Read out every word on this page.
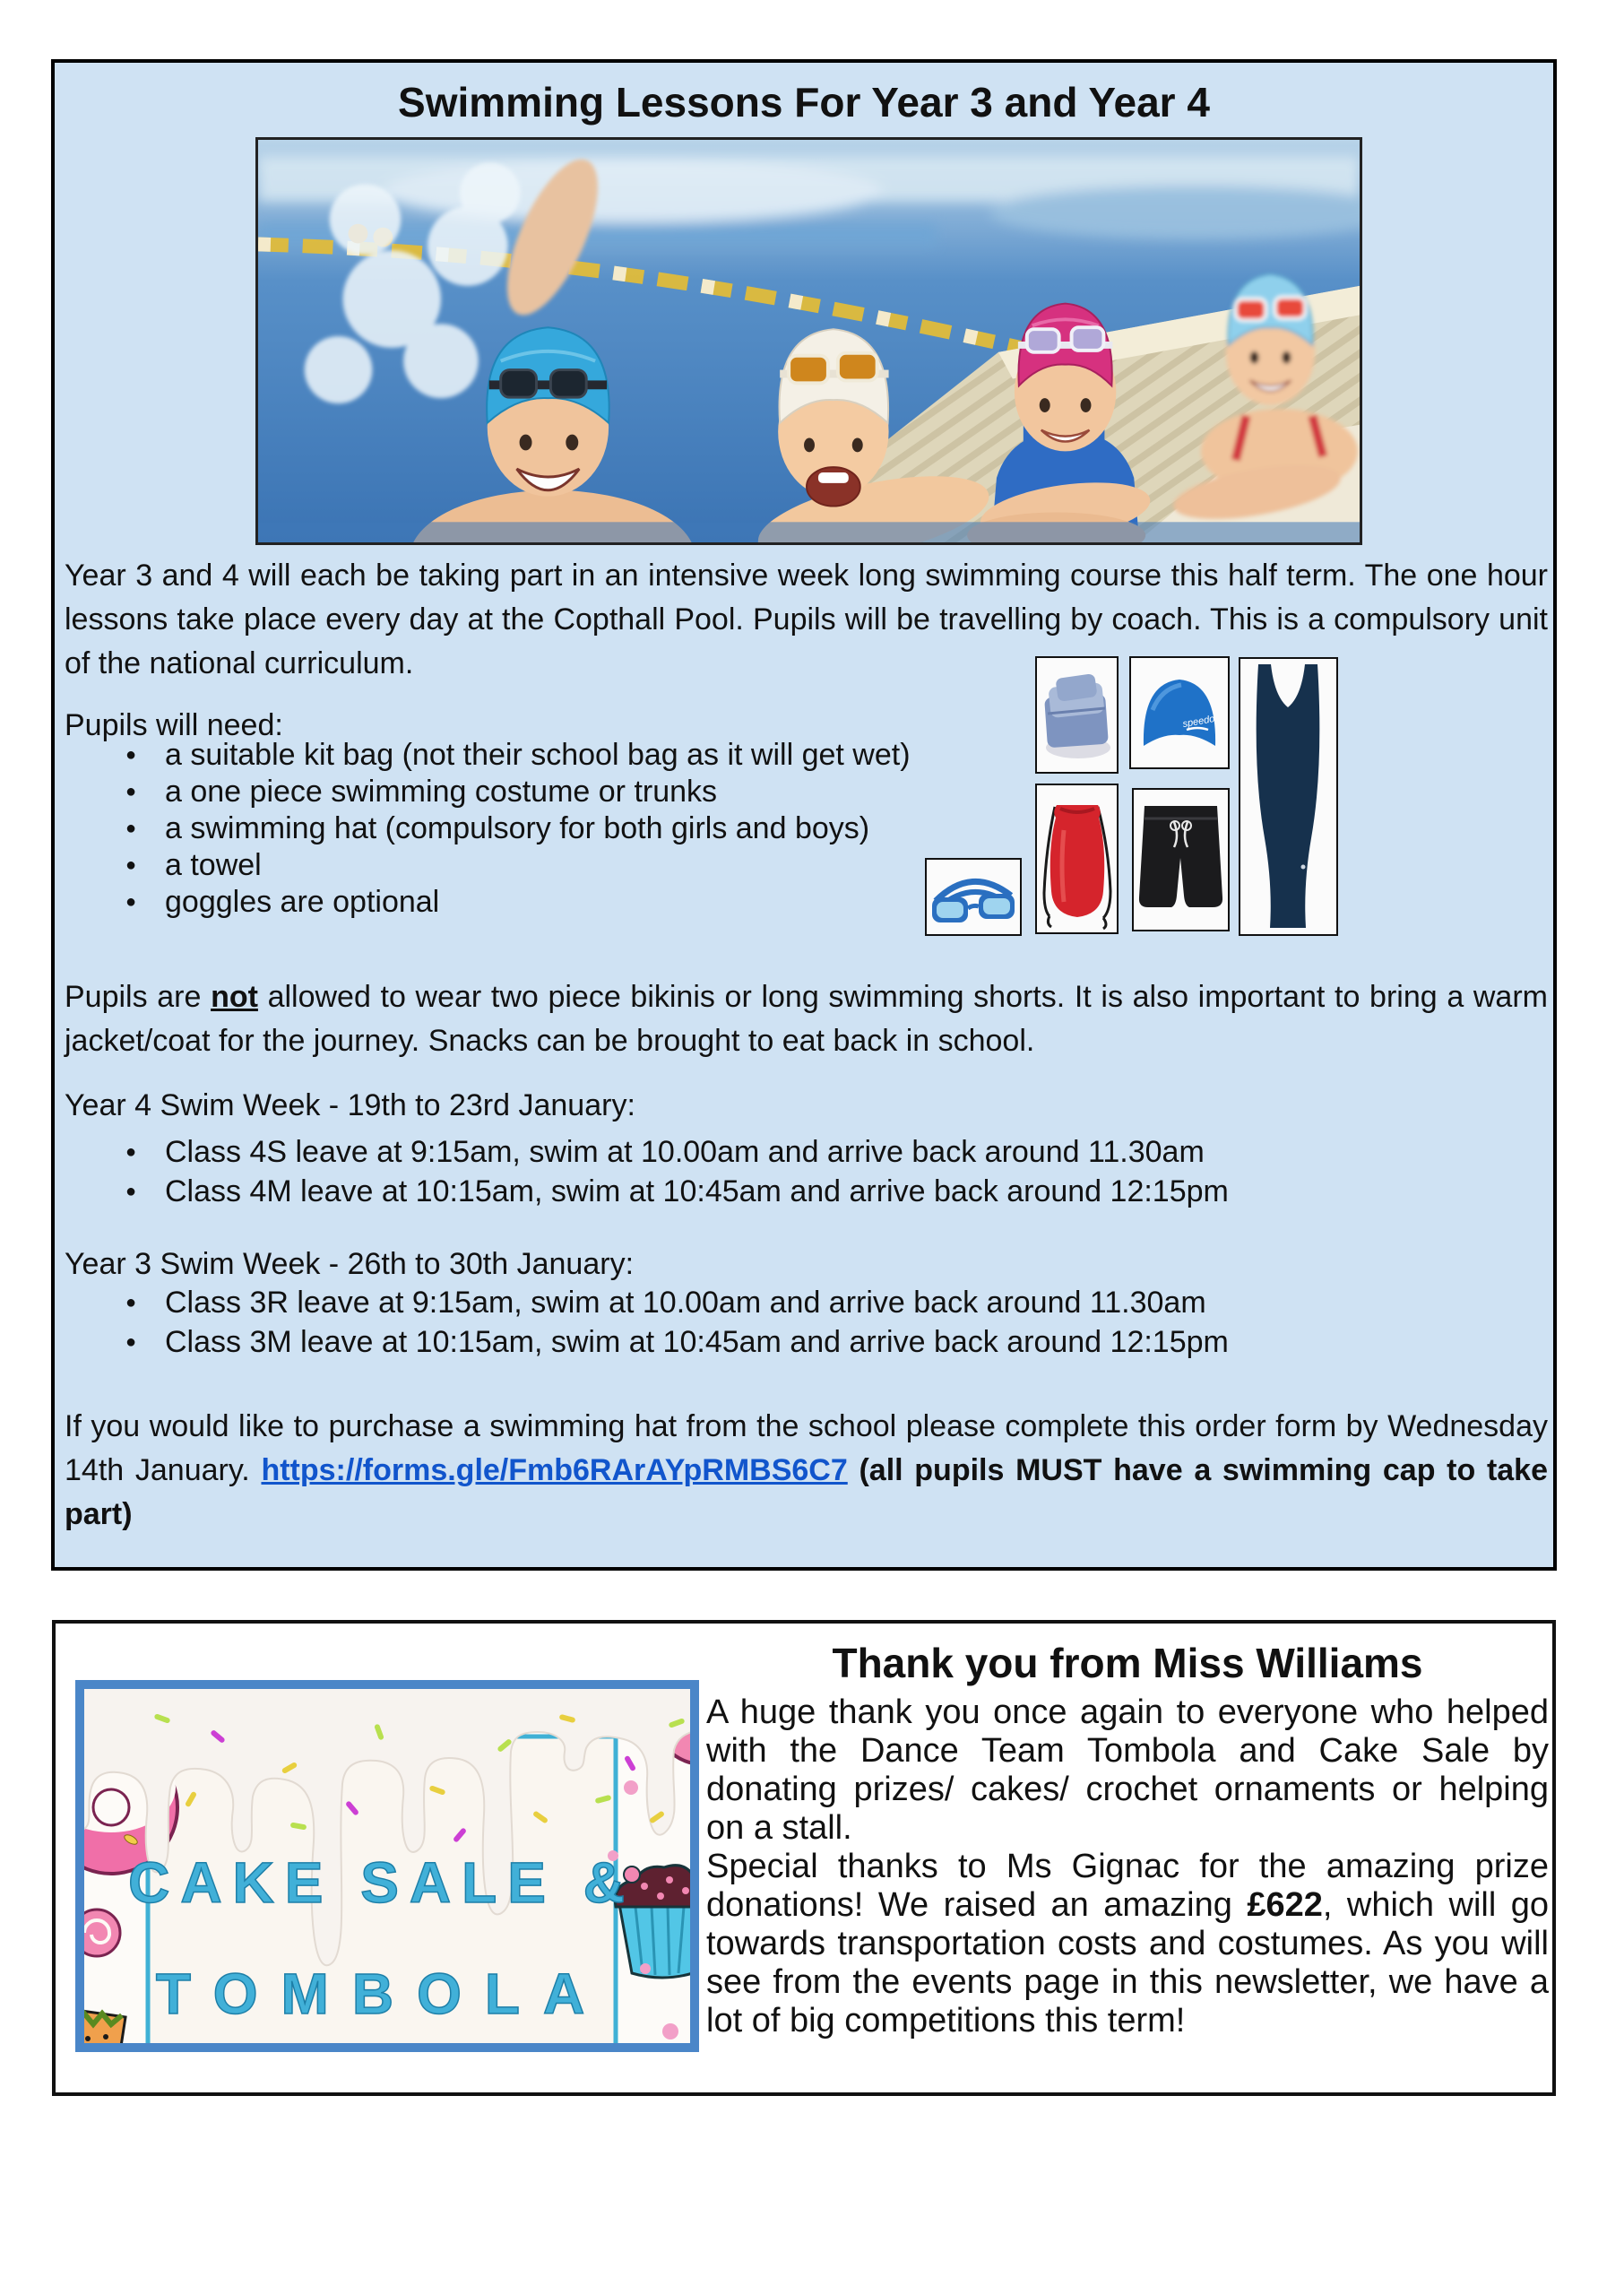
Swimming Lessons For Year 3 and Year 4

Year 3 and 4 will each be taking part in an intensive week long swimming course this half term. The one hour lessons take place every day at the Copthall Pool. Pupils will be travelling by coach. This is a compulsory unit of the national curriculum.

Pupils will need:

● a suitable kit bag (not their school bag as it will get wet)
● a one piece swimming costume or trunks
● a swimming hat (compulsory for both girls and boys)
● a towel
● goggles are optional

Pupils are not allowed to wear two piece bikinis or long swimming shorts. It is also important to bring a warm jacket/coat for the journey. Snacks can be brought to eat back in school.

Year 4 Swim Week - 19th to 23rd January:

● Class 4S leave at 9:15am, swim at 10.00am and arrive back around 11.30am
● Class 4M leave at 10:15am, swim at 10:45am and arrive back around 12:15pm

Year 3 Swim Week - 26th to 30th January:

● Class 3R leave at 9:15am, swim at 10.00am and arrive back around 11.30am
● Class 3M leave at 10:15am, swim at 10:45am and arrive back around 12:15pm

If you would like to purchase a swimming hat from the school please complete this order form by Wednesday 14th January. https://forms.gle/Fmb6RArAYpRMBS6C7 (all pupils MUST have a swimming cap to take part)

speedo
CAKE SALE &
TOMBOLA
Thank you from Miss Williams

A huge thank you once again to everyone who helped with the Dance Team Tombola and Cake Sale by donating prizes/ cakes/ crochet ornaments or helping on a stall.

Special thanks to Ms Gignac for the amazing prize donations! We raised an amazing £622, which will go towards transportation costs and costumes. As you will see from the events page in this newsletter, we have a lot of big competitions this term!
